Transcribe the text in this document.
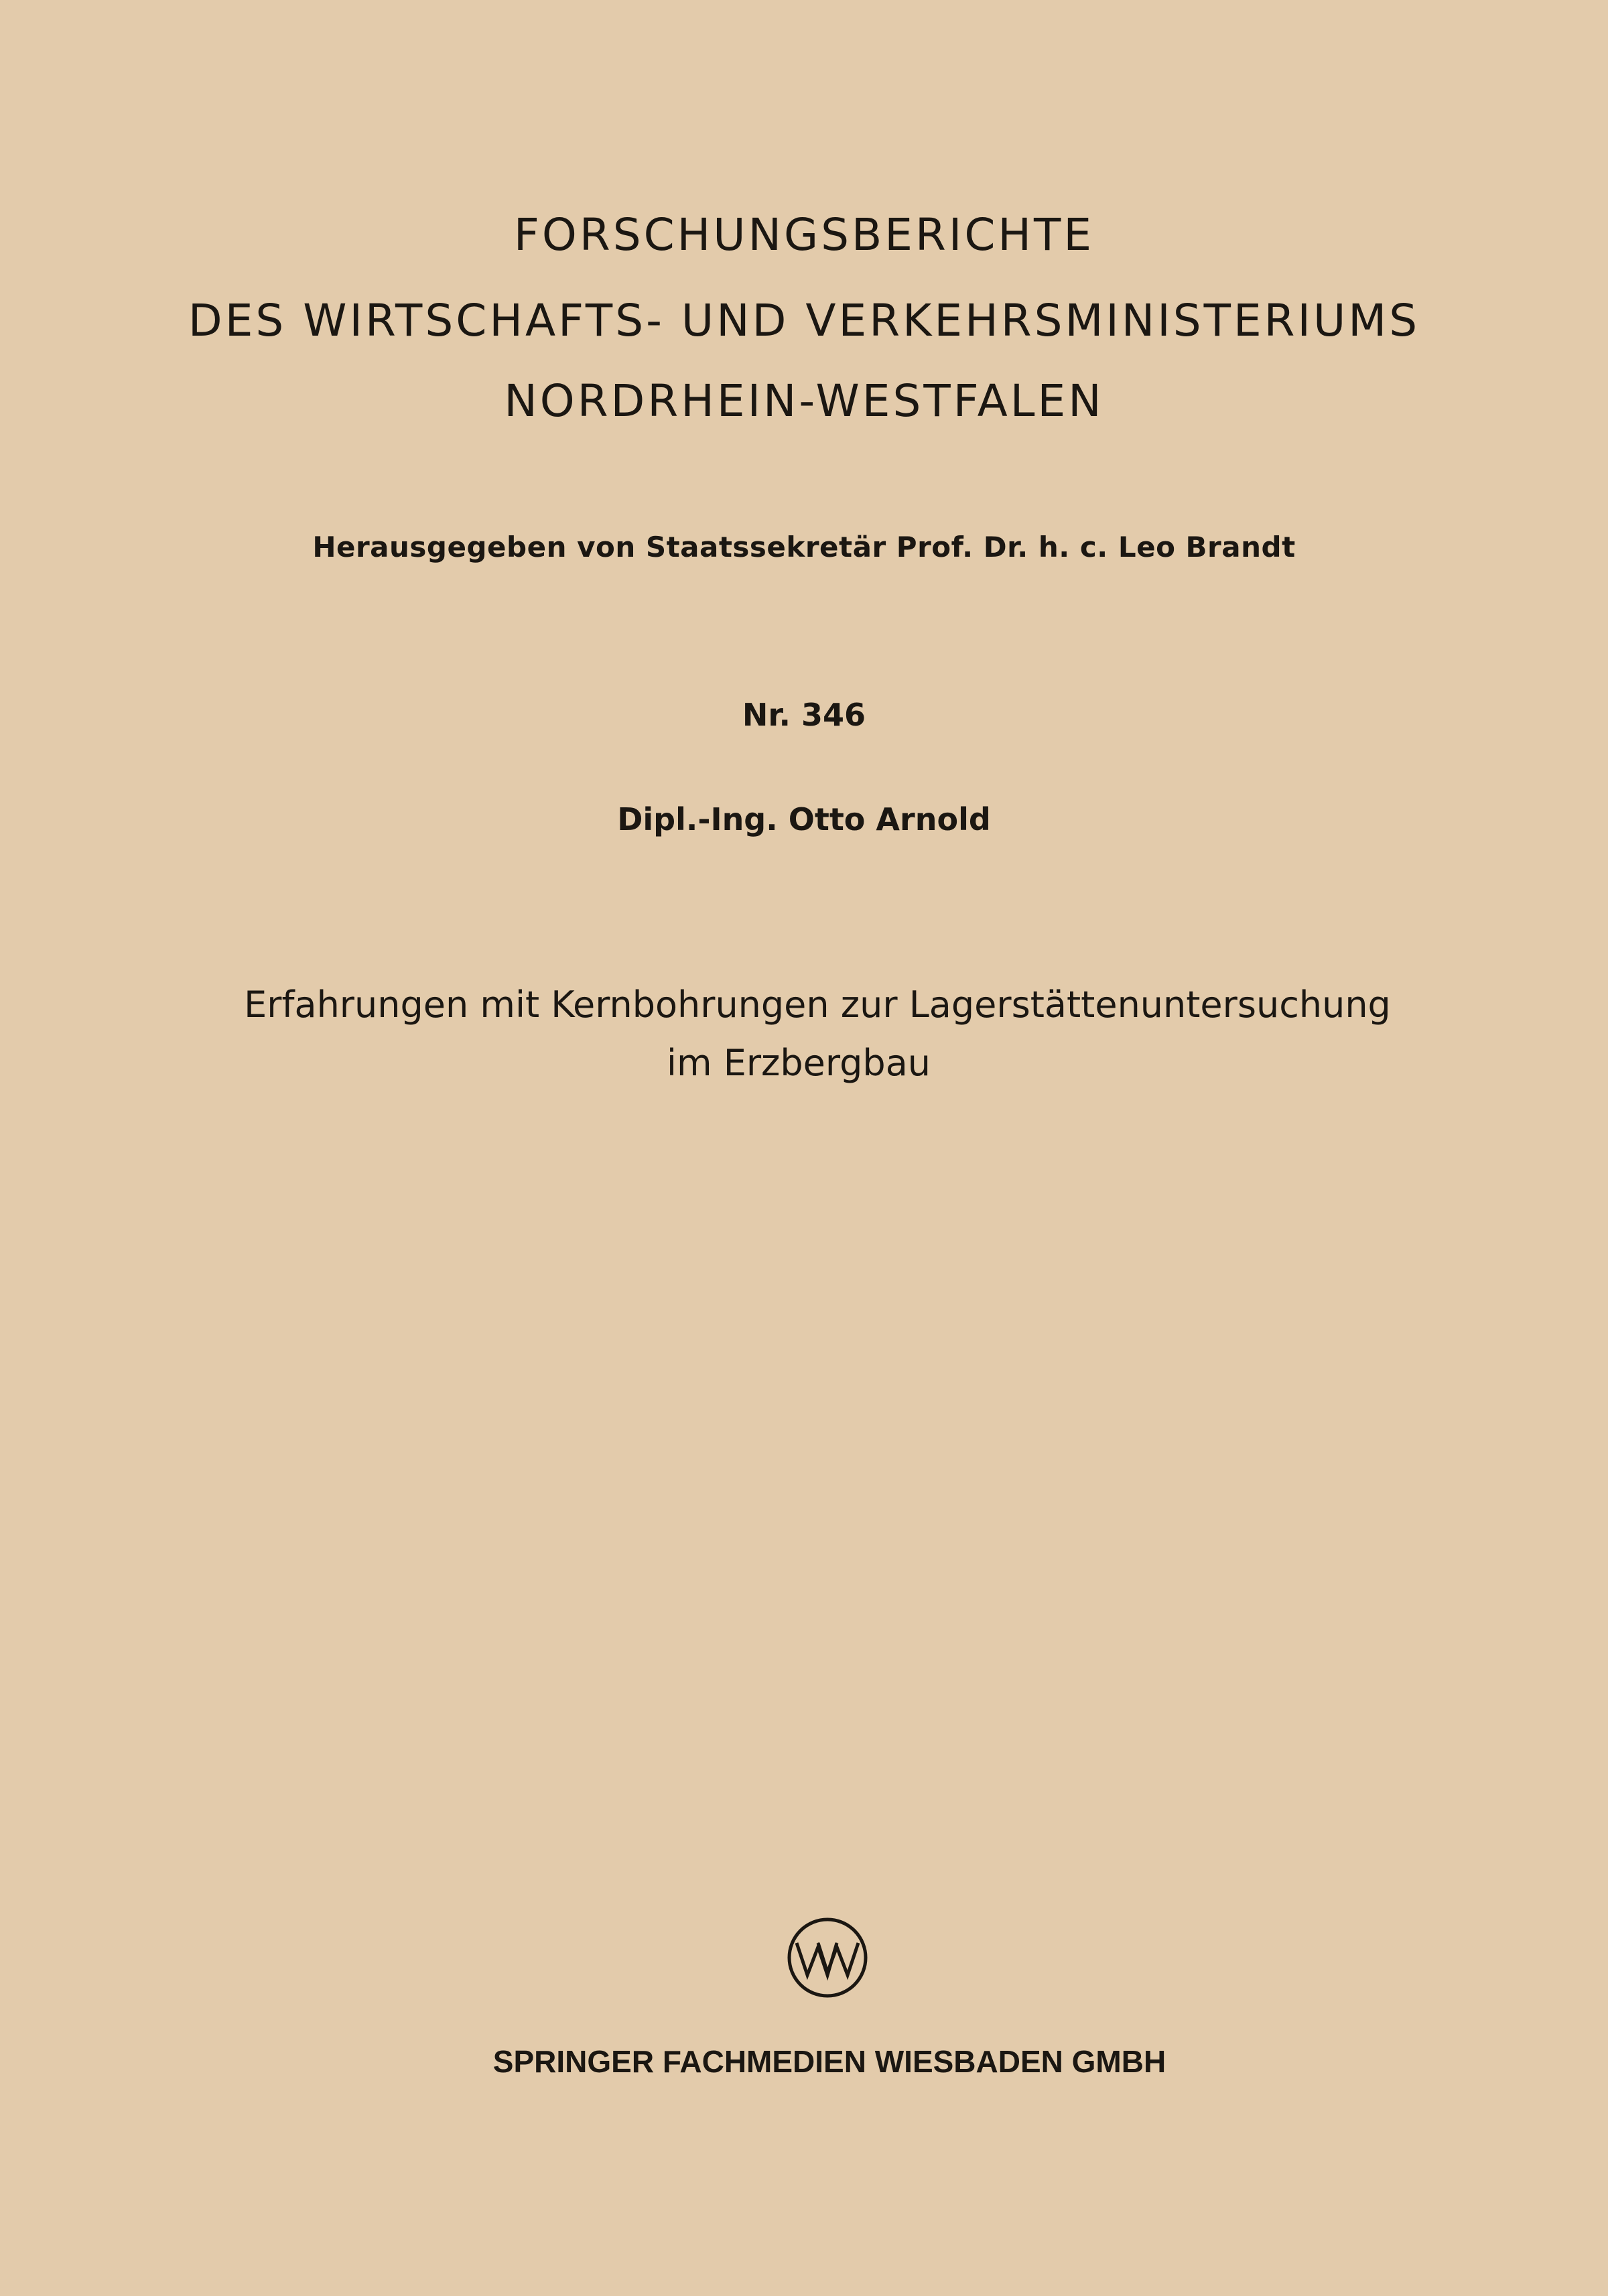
FORSCHUNGSBERICHTE
DES WIRTSCHAFTS- UND VERKEHRSMINISTERIUMS
NORDRHEIN-WESTFALEN
Herausgegeben von Staatssekretär Prof. Dr. h. c. Leo Brandt
Nr. 346
Dipl.-Ing. Otto Arnold
Erfahrungen mit Kernbohrungen zur Lagerstättenuntersuchung
im Erzbergbau
SPRINGER FACHMEDIEN WIESBADEN GMBH
